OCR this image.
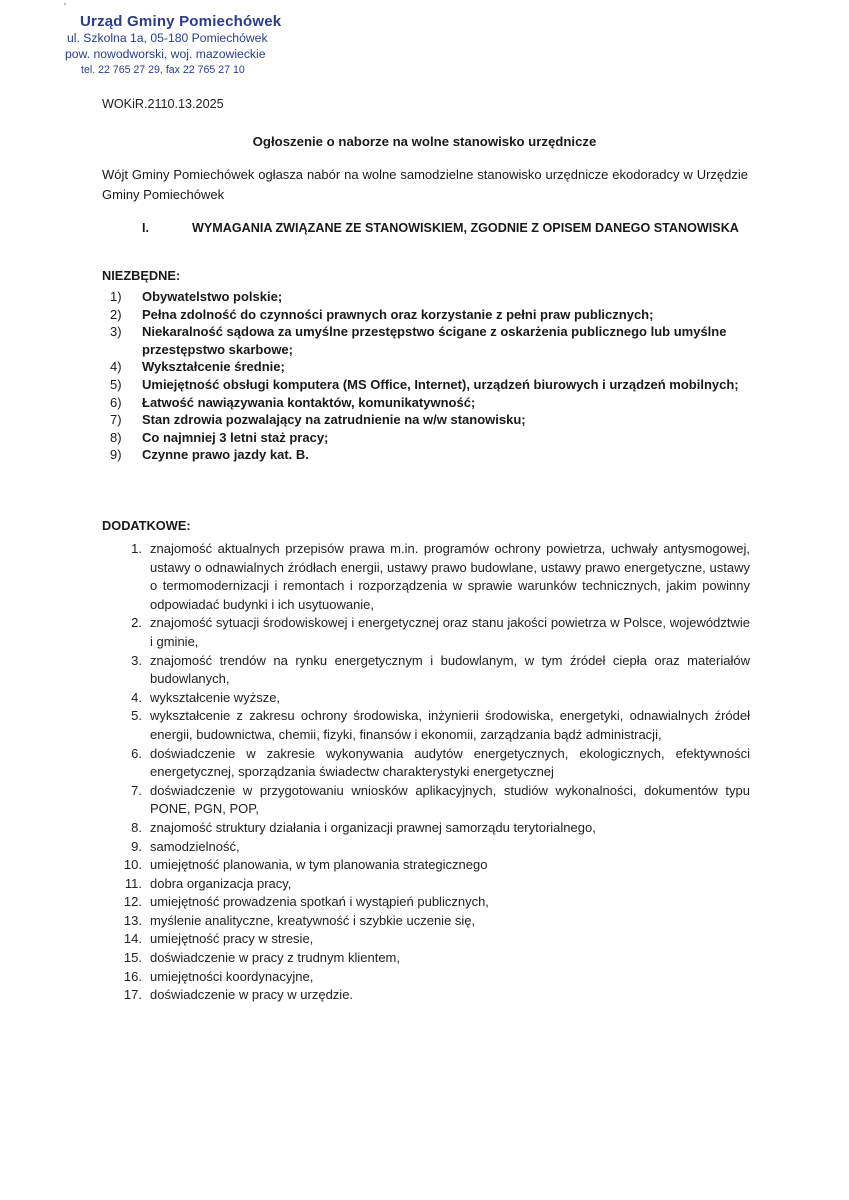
'
Urząd Gminy Pomiechówek
ul. Szkolna 1a, 05-180 Pomiechówek
pow. nowodworski, woj. mazowieckie
tel. 22 765 27 29, fax 22 765 27 10
WOKiR.2110.13.2025
Ogłoszenie o naborze na wolne stanowisko urzędnicze
Wójt Gminy Pomiechówek ogłasza nabór na wolne samodzielne stanowisko urzędnicze ekodoradcy w Urzędzie Gminy Pomiechówek
I.	WYMAGANIA ZWIĄZANE ZE STANOWISKIEM, ZGODNIE Z OPISEM DANEGO STANOWISKA
NIEZBĘDNE:
1) Obywatelstwo polskie;
2) Pełna zdolność do czynności prawnych oraz korzystanie z pełni praw publicznych;
3) Niekaralność sądowa za umyślne przestępstwo ścigane z oskarżenia publicznego lub umyślne przestępstwo skarbowe;
4) Wykształcenie średnie;
5) Umiejętność obsługi komputera (MS Office, Internet), urządzeń biurowych i urządzeń mobilnych;
6) Łatwość nawiązywania kontaktów, komunikatywność;
7) Stan zdrowia pozwalający na zatrudnienie na w/w stanowisku;
8) Co najmniej 3 letni staż pracy;
9) Czynne prawo jazdy kat. B.
DODATKOWE:
1. znajomość aktualnych przepisów prawa m.in. programów ochrony powietrza, uchwały antysmogowej, ustawy o odnawialnych źródłach energii, ustawy prawo budowlane, ustawy prawo energetyczne, ustawy o termomodernizacji i remontach i rozporządzenia w sprawie warunków technicznych, jakim powinny odpowiadać budynki i ich usytuowanie,
2. znajomość sytuacji środowiskowej i energetycznej oraz stanu jakości powietrza w Polsce, województwie i gminie,
3. znajomość trendów na rynku energetycznym i budowlanym, w tym źródeł ciepła oraz materiałów budowlanych,
4. wykształcenie wyższe,
5. wykształcenie z zakresu ochrony środowiska, inżynierii środowiska, energetyki, odnawialnych źródeł energii, budownictwa, chemii, fizyki, finansów i ekonomii, zarządzania bądź administracji,
6. doświadczenie w zakresie wykonywania audytów energetycznych, ekologicznych, efektywności energetycznej, sporządzania świadectw charakterystyki energetycznej
7. doświadczenie w przygotowaniu wniosków aplikacyjnych, studiów wykonalności, dokumentów typu PONE, PGN, POP,
8. znajomość struktury działania i organizacji prawnej samorządu terytorialnego,
9. samodzielność,
10. umiejętność planowania, w tym planowania strategicznego
11. dobra organizacja pracy,
12. umiejętność prowadzenia spotkań i wystąpień publicznych,
13. myślenie analityczne, kreatywność i szybkie uczenie się,
14. umiejętność pracy w stresie,
15. doświadczenie w pracy z trudnym klientem,
16. umiejętności koordynacyjne,
17. doświadczenie w pracy w urzędzie.
